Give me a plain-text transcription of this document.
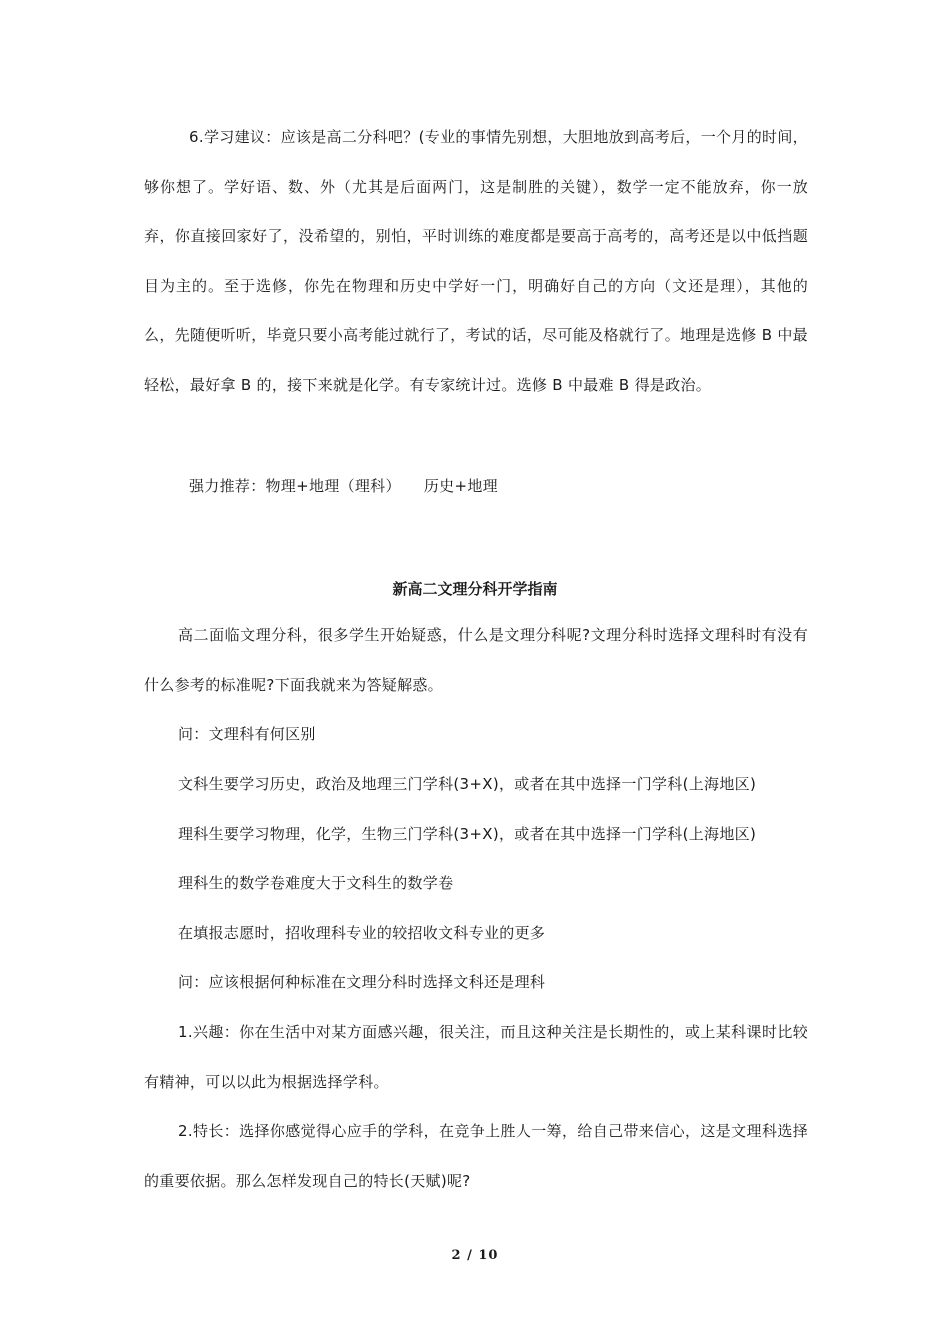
6.学习建议：应该是高二分科吧？(专业的事情先别想，大胆地放到高考后，一个月的时间，够你想了。学好语、数、外（尤其是后面两门，这是制胜的关键），数学一定不能放弃，你一放弃，你直接回家好了，没希望的，别怕，平时训练的难度都是要高于高考的，高考还是以中低挡题目为主的。至于选修，你先在物理和历史中学好一门，明确好自己的方向（文还是理），其他的么，先随便听听，毕竟只要小高考能过就行了，考试的话，尽可能及格就行了。地理是选修 B 中最轻松，最好拿 B 的，接下来就是化学。有专家统计过。选修 B 中最难 B 得是政治。

强力推荐：物理+地理（理科）　　历史+地理

新高二文理分科开学指南

高二面临文理分科，很多学生开始疑惑，什么是文理分科呢?文理分科时选择文理科时有没有什么参考的标准呢?下面我就来为答疑解惑。

问：文理科有何区别

文科生要学习历史，政治及地理三门学科(3+X)，或者在其中选择一门学科(上海地区)

理科生要学习物理，化学，生物三门学科(3+X)，或者在其中选择一门学科(上海地区)

理科生的数学卷难度大于文科生的数学卷

在填报志愿时，招收理科专业的较招收文科专业的更多

问：应该根据何种标准在文理分科时选择文科还是理科

1.兴趣：你在生活中对某方面感兴趣，很关注，而且这种关注是长期性的，或上某科课时比较有精神，可以以此为根据选择学科。

2.特长：选择你感觉得心应手的学科，在竞争上胜人一筹，给自己带来信心，这是文理科选择的重要依据。那么怎样发现自己的特长(天赋)呢?

2 / 10
